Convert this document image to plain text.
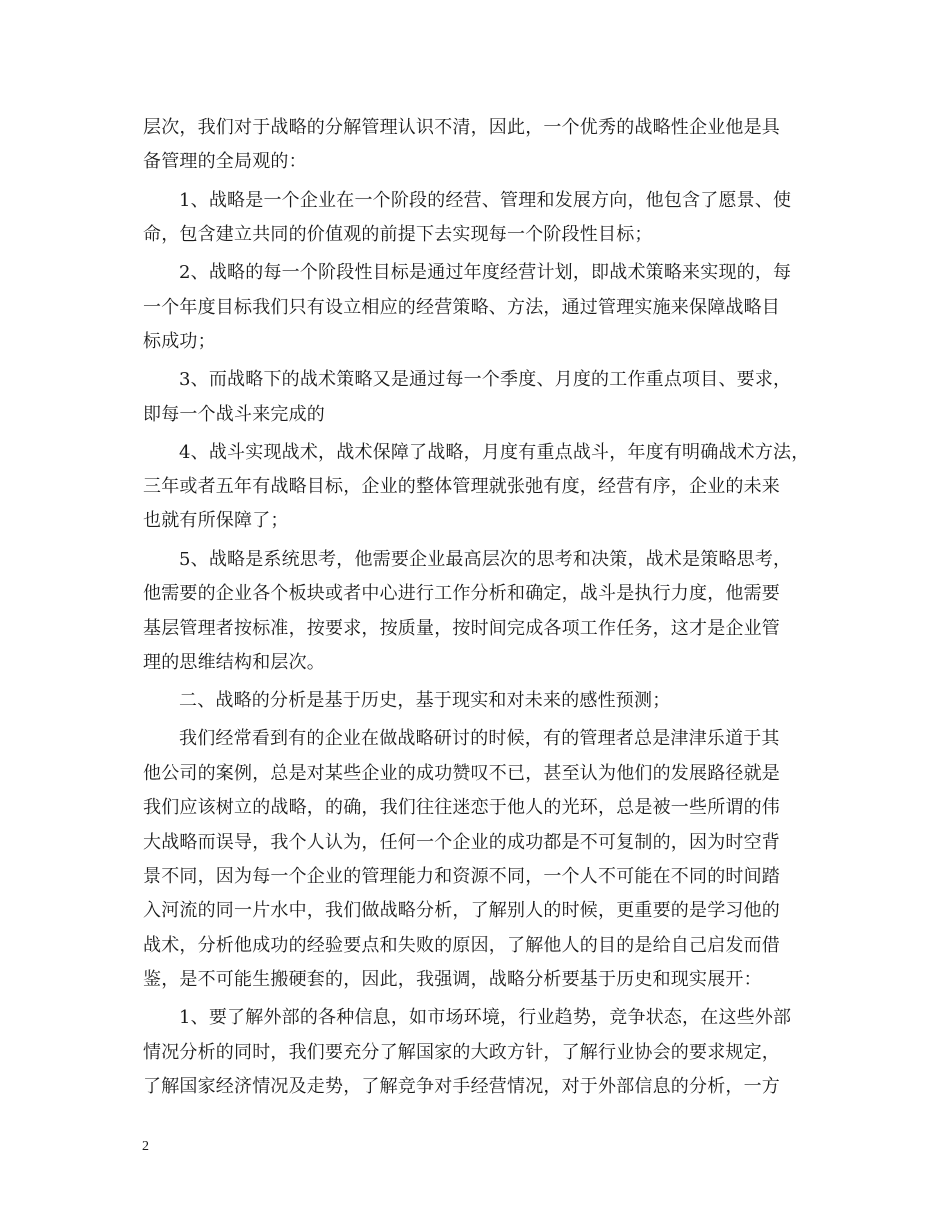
层次，我们对于战略的分解管理认识不清，因此，一个优秀的战略性企业他是具
备管理的全局观的：
1、战略是一个企业在一个阶段的经营、管理和发展方向，他包含了愿景、使
命，包含建立共同的价值观的前提下去实现每一个阶段性目标；
2、战略的每一个阶段性目标是通过年度经营计划，即战术策略来实现的，每
一个年度目标我们只有设立相应的经营策略、方法，通过管理实施来保障战略目
标成功；
3、而战略下的战术策略又是通过每一个季度、月度的工作重点项目、要求，
即每一个战斗来完成的
4、战斗实现战术，战术保障了战略，月度有重点战斗，年度有明确战术方法，
三年或者五年有战略目标，企业的整体管理就张弛有度，经营有序，企业的未来
也就有所保障了；
5、战略是系统思考，他需要企业最高层次的思考和决策，战术是策略思考，
他需要的企业各个板块或者中心进行工作分析和确定，战斗是执行力度，他需要
基层管理者按标准，按要求，按质量，按时间完成各项工作任务，这才是企业管
理的思维结构和层次。
二、战略的分析是基于历史，基于现实和对未来的感性预测；
我们经常看到有的企业在做战略研讨的时候，有的管理者总是津津乐道于其
他公司的案例，总是对某些企业的成功赞叹不已，甚至认为他们的发展路径就是
我们应该树立的战略，的确，我们往往迷恋于他人的光环，总是被一些所谓的伟
大战略而误导，我个人认为，任何一个企业的成功都是不可复制的，因为时空背
景不同，因为每一个企业的管理能力和资源不同，一个人不可能在不同的时间踏
入河流的同一片水中，我们做战略分析，了解别人的时候，更重要的是学习他的
战术，分析他成功的经验要点和失败的原因，了解他人的目的是给自己启发而借
鉴，是不可能生搬硬套的，因此，我强调，战略分析要基于历史和现实展开：
1、要了解外部的各种信息，如市场环境，行业趋势，竞争状态，在这些外部
情况分析的同时，我们要充分了解国家的大政方针，了解行业协会的要求规定，
了解国家经济情况及走势，了解竞争对手经营情况，对于外部信息的分析，一方
2
